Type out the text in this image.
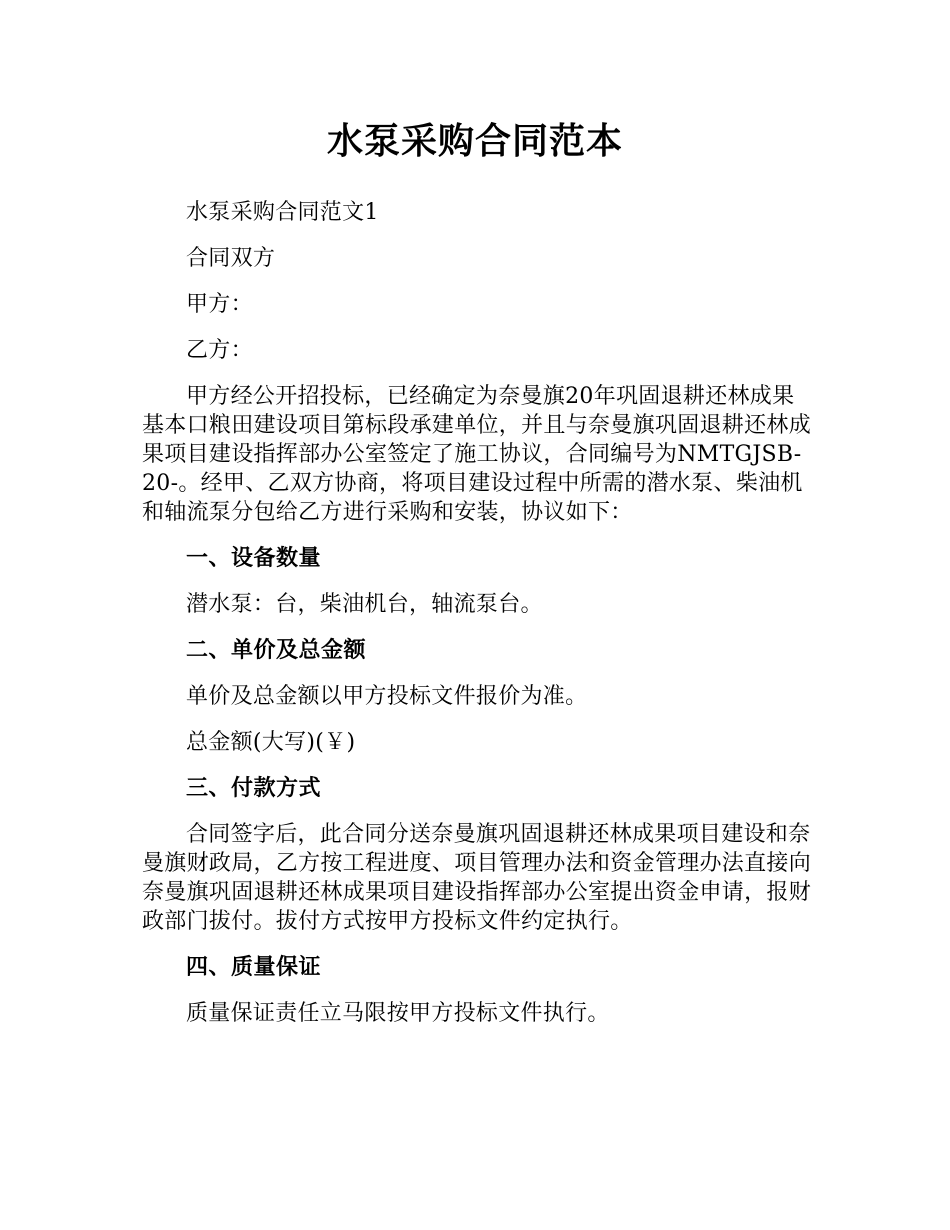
水泵采购合同范本

水泵采购合同范文1

合同双方

甲方：

乙方：

甲方经公开招投标，已经确定为奈曼旗20年巩固退耕还林成果基本口粮田建设项目第标段承建单位，并且与奈曼旗巩固退耕还林成果项目建设指挥部办公室签定了施工协议，合同编号为NMTGJSB-20-。经甲、乙双方协商，将项目建设过程中所需的潜水泵、柴油机和轴流泵分包给乙方进行采购和安装，协议如下：

一、设备数量

潜水泵：台，柴油机台，轴流泵台。

二、单价及总金额

单价及总金额以甲方投标文件报价为准。

总金额(大写)(￥)

三、付款方式

合同签字后，此合同分送奈曼旗巩固退耕还林成果项目建设和奈曼旗财政局，乙方按工程进度、项目管理办法和资金管理办法直接向奈曼旗巩固退耕还林成果项目建设指挥部办公室提出资金申请，报财政部门拔付。拔付方式按甲方投标文件约定执行。

四、质量保证

质量保证责任立马限按甲方投标文件执行。
